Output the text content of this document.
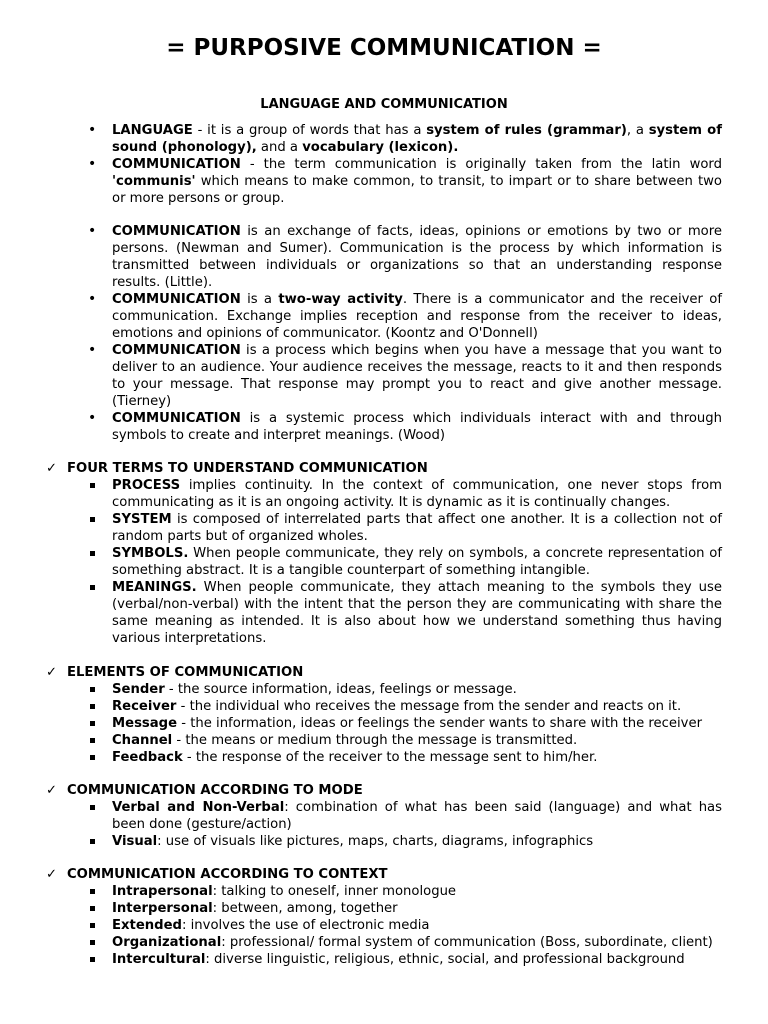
= PURPOSIVE COMMUNICATION =
LANGUAGE AND COMMUNICATION
• LANGUAGE - it is a group of words that has a system of rules (grammar), a system of sound (phonology), and a vocabulary (lexicon).
• COMMUNICATION - the term communication is originally taken from the latin word 'communis' which means to make common, to transit, to impart or to share between two or more persons or group.
• COMMUNICATION is an exchange of facts, ideas, opinions or emotions by two or more persons. (Newman and Sumer). Communication is the process by which information is transmitted between individuals or organizations so that an understanding response results. (Little).
• COMMUNICATION is a two-way activity. There is a communicator and the receiver of communication. Exchange implies reception and response from the receiver to ideas, emotions and opinions of communicator. (Koontz and O'Donnell)
• COMMUNICATION is a process which begins when you have a message that you want to deliver to an audience. Your audience receives the message, reacts to it and then responds to your message. That response may prompt you to react and give another message. (Tierney)
• COMMUNICATION is a systemic process which individuals interact with and through symbols to create and interpret meanings. (Wood)
✓ FOUR TERMS TO UNDERSTAND COMMUNICATION
PROCESS implies continuity. In the context of communication, one never stops from communicating as it is an ongoing activity. It is dynamic as it is continually changes.
SYSTEM is composed of interrelated parts that affect one another. It is a collection not of random parts but of organized wholes.
SYMBOLS. When people communicate, they rely on symbols, a concrete representation of something abstract. It is a tangible counterpart of something intangible.
MEANINGS. When people communicate, they attach meaning to the symbols they use (verbal/non-verbal) with the intent that the person they are communicating with share the same meaning as intended. It is also about how we understand something thus having various interpretations.
✓ ELEMENTS OF COMMUNICATION
Sender - the source information, ideas, feelings or message.
Receiver - the individual who receives the message from the sender and reacts on it.
Message - the information, ideas or feelings the sender wants to share with the receiver
Channel - the means or medium through the message is transmitted.
Feedback - the response of the receiver to the message sent to him/her.
✓ COMMUNICATION ACCORDING TO MODE
Verbal and Non-Verbal: combination of what has been said (language) and what has been done (gesture/action)
Visual: use of visuals like pictures, maps, charts, diagrams, infographics
✓ COMMUNICATION ACCORDING TO CONTEXT
Intrapersonal: talking to oneself, inner monologue
Interpersonal: between, among, together
Extended: involves the use of electronic media
Organizational: professional/ formal system of communication (Boss, subordinate, client)
Intercultural: diverse linguistic, religious, ethnic, social, and professional background
